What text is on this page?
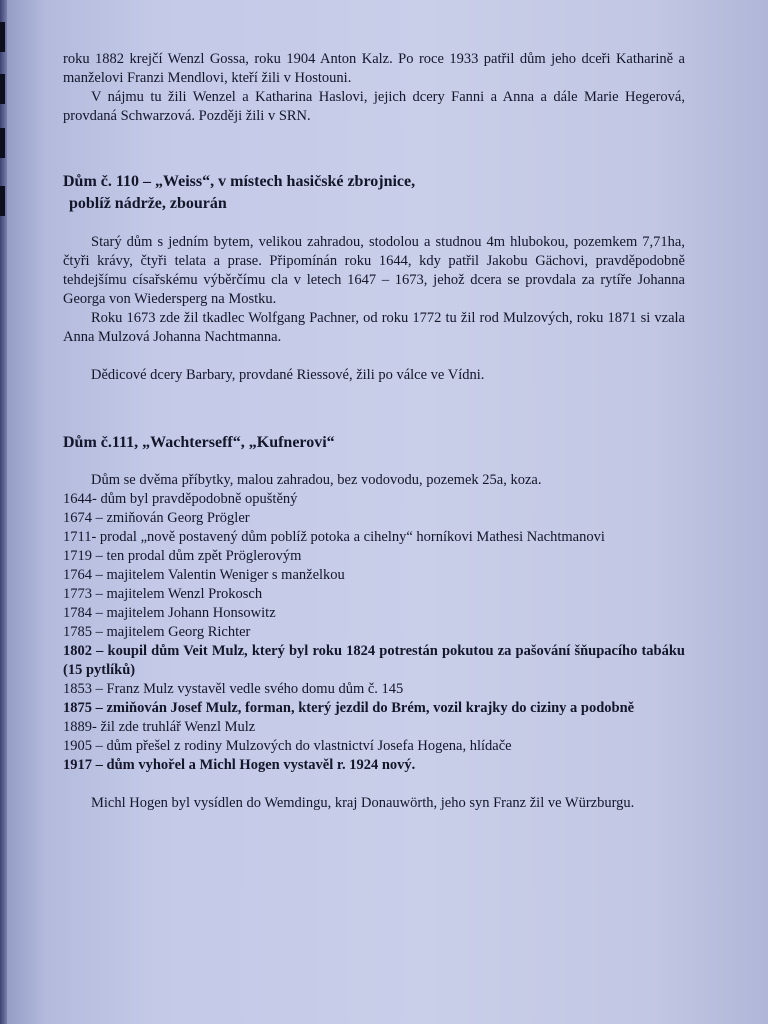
roku 1882 krejčí Wenzl Gossa, roku 1904 Anton Kalz. Po roce 1933 patřil dům jeho dceři Katharině a manželovi Franzi Mendlovi, kteří žili v Hostouni.

V nájmu tu žili Wenzel a Katharina Haslovi, jejich dcery Fanni a Anna a dále Marie Hegerová, provdaná Schwarzová. Později žili v SRN.

Dům č. 110 – „Weiss“, v místech hasičské zbrojnice,
poblíž nádrže, zbourán

Starý dům s jedním bytem, velikou zahradou, stodolou a studnou 4m hlubokou, pozemkem 7,71ha, čtyři krávy, čtyři telata a prase. Připomínán roku 1644, kdy patřil Jakobu Gächovi, pravděpodobně tehdejšímu císařskému výběrčímu cla v letech 1647 – 1673, jehož dcera se provdala za rytíře Johanna Georga von Wiedersperg na Mostku.

Roku 1673 zde žil tkadlec Wolfgang Pachner, od roku 1772 tu žil rod Mulzových, roku 1871 si vzala Anna Mulzová Johanna Nachtmanna.

Dědicové dcery Barbary, provdané Riessové, žili po válce ve Vídni.

Dům č.111, „Wachterseff“, „Kufnerovi“

Dům se dvěma příbytky, malou zahradou, bez vodovodu, pozemek 25a, koza.

1644- dům byl pravděpodobně opuštěný
1674 – zmiňován Georg Prögler
1711- prodal „nově postavený dům poblíž potoka a cihelny“ horníkovi Mathesi Nachtmanovi
1719 – ten prodal dům zpět Pröglerovým
1764 – majitelem Valentin Weniger s manželkou
1773 – majitelem Wenzl Prokosch
1784 – majitelem Johann Honsowitz
1785 – majitelem Georg Richter
1802 – koupil dům Veit Mulz, který byl roku 1824 potrestán pokutou za pašování šňupacího tabáku (15 pytlíků)
1853 – Franz Mulz vystavěl vedle svého domu dům č. 145
1875 – zmiňován Josef Mulz, forman, který jezdil do Brém, vozil krajky do ciziny a podobně
1889- žil zde truhlář Wenzl Mulz
1905 – dům přešel z rodiny Mulzových do vlastnictví Josefa Hogena, hlídače
1917 – dům vyhořel a Michl Hogen vystavěl r. 1924 nový.

Michl Hogen byl vysídlen do Wemdingu, kraj Donauwörth, jeho syn Franz žil ve Würzburgu.
